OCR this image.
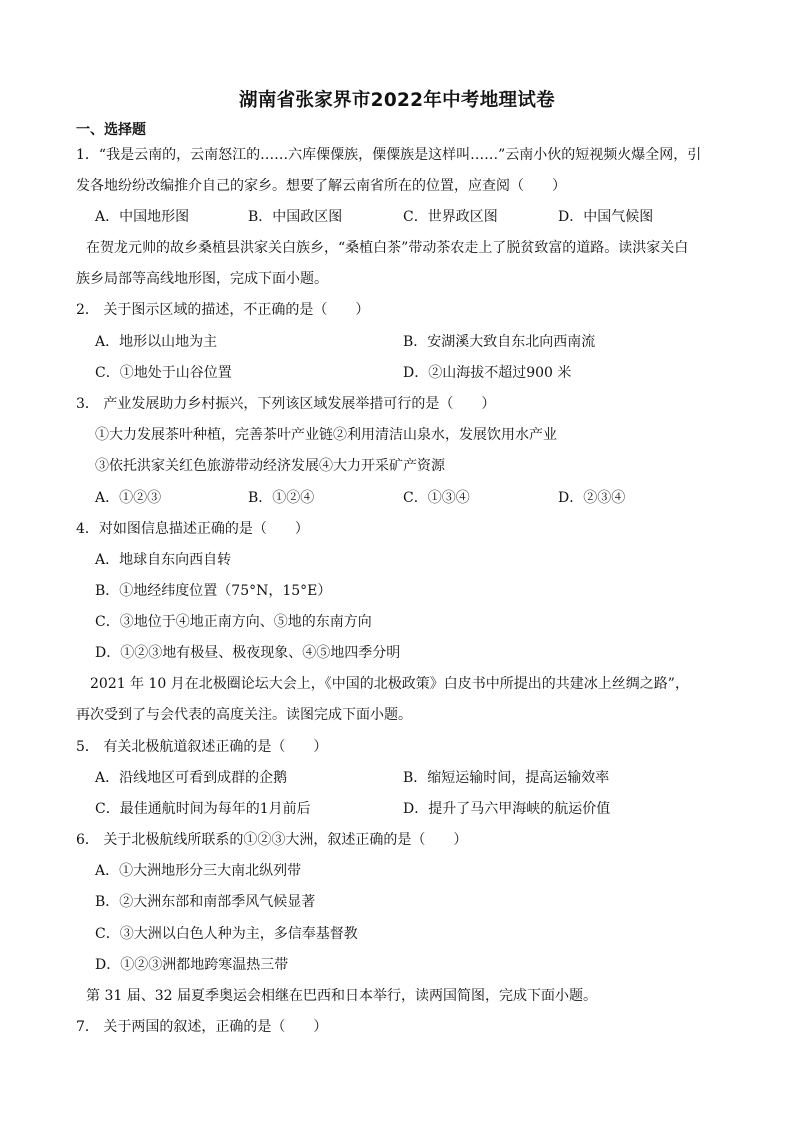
湖南省张家界市2022年中考地理试卷
一、选择题
1．“我是云南的，云南怒江的……六库傈僳族，傈僳族是这样叫……”云南小伙的短视频火爆全网，引
发各地纷纷改编推介自己的家乡。想要了解云南省所在的位置，应查阅（　　）
A．中国地形图	B．中国政区图	C．世界政区图	D．中国气候图
在贺龙元帅的故乡桑植县洪家关白族乡，“桑植白茶”带动茶农走上了脱贫致富的道路。读洪家关白
族乡局部等高线地形图，完成下面小题。
2． 关于图示区域的描述，不正确的是（　　）
A．地形以山地为主	B．安湖溪大致自东北向西南流
C．①地处于山谷位置	D．②山海拔不超过900 米
3． 产业发展助力乡村振兴，下列该区域发展举措可行的是（　　）
①大力发展茶叶种植，完善茶叶产业链②利用清洁山泉水，发展饮用水产业
③依托洪家关红色旅游带动经济发展④大力开采矿产资源
A．①②③	B．①②④	C．①③④	D．②③④
4．对如图信息描述正确的是（　　）
A．地球自东向西自转
B．①地经纬度位置（75°N，15°E）
C．③地位于④地正南方向、⑤地的东南方向
D．①②③地有极昼、极夜现象、④⑤地四季分明
2021 年 10 月在北极圈论坛大会上，《中国的北极政策》白皮书中所提出的共建冰上丝绸之路”，
再次受到了与会代表的高度关注。读图完成下面小题。
5． 有关北极航道叙述正确的是（　　）
A．沿线地区可看到成群的企鹅	B．缩短运输时间，提高运输效率
C．最佳通航时间为每年的1月前后	D．提升了马六甲海峡的航运价值
6． 关于北极航线所联系的①②③大洲，叙述正确的是（　　）
A．①大洲地形分三大南北纵列带
B．②大洲东部和南部季风气候显著
C．③大洲以白色人种为主，多信奉基督教
D．①②③洲都地跨寒温热三带
第 31 届、32 届夏季奥运会相继在巴西和日本举行，读两国简图，完成下面小题。
7． 关于两国的叙述，正确的是（　　）
